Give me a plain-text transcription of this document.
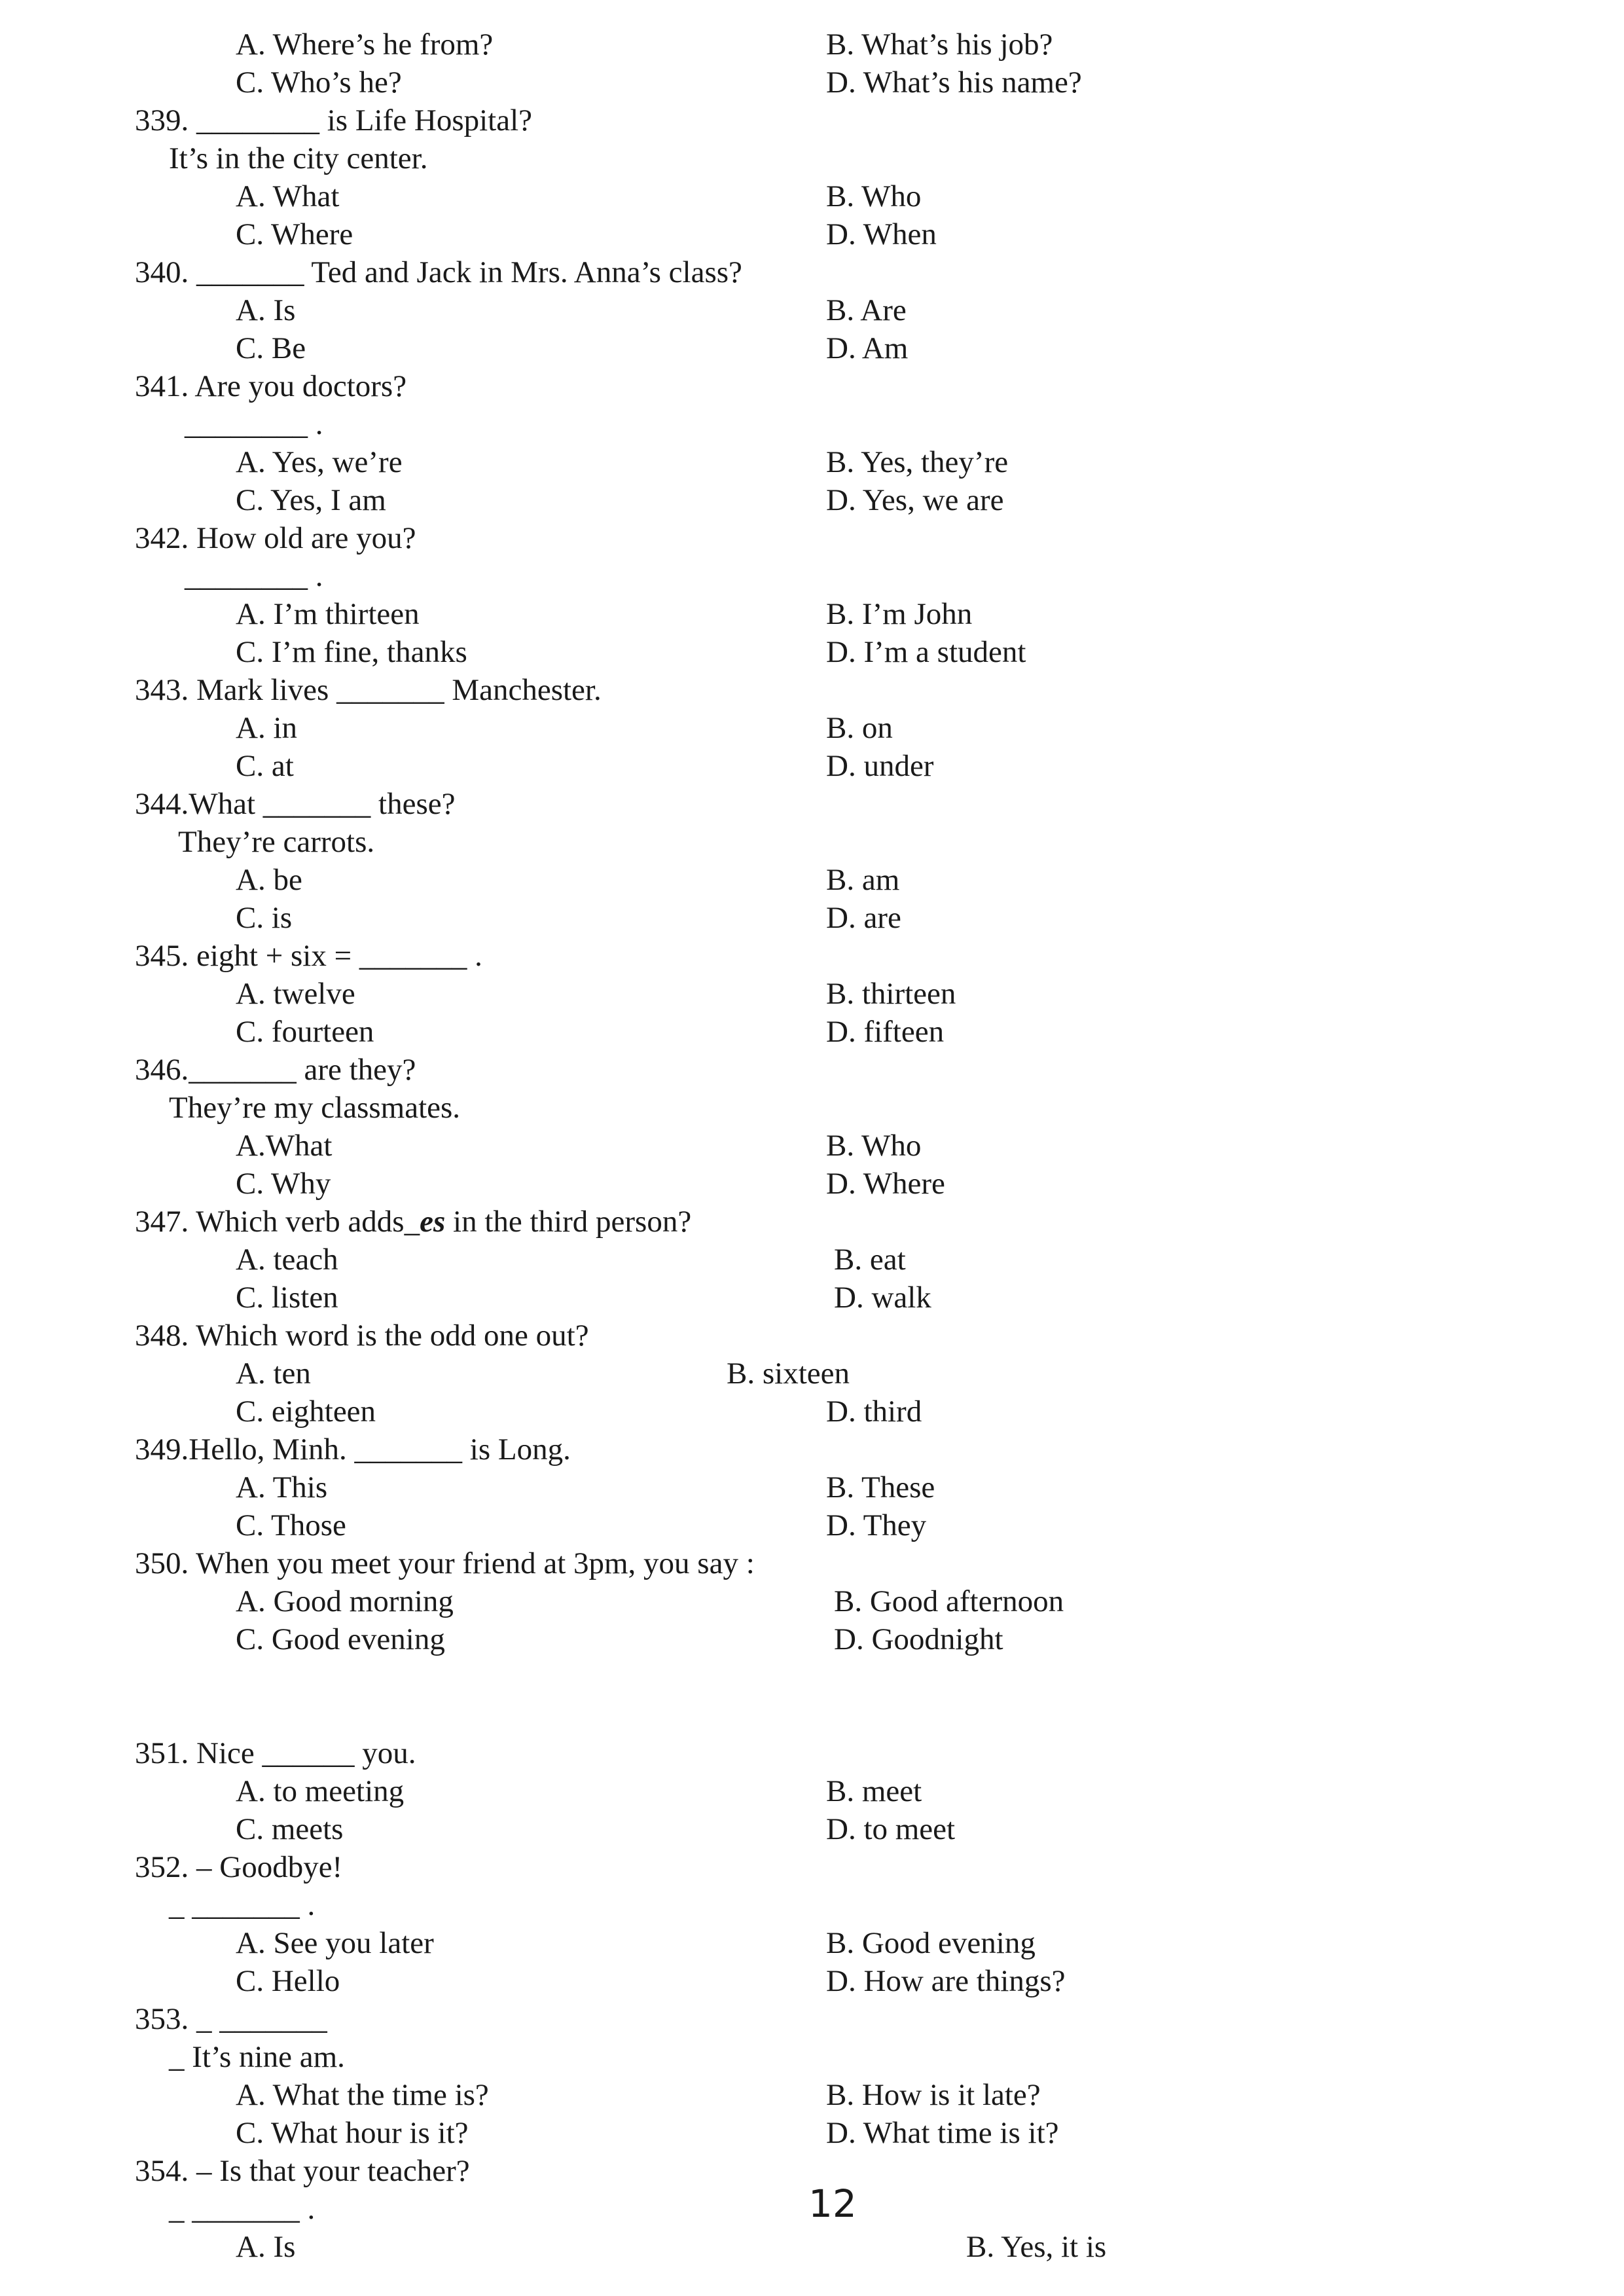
A. Where’s he from?	B. What’s his job?
C. Who’s he?	D. What’s his name?
339. ________ is Life Hospital?
It’s in the city center.
A. What	B. Who
C. Where	D. When
340. _______ Ted and Jack in Mrs. Anna’s class?
A. Is	B. Are
C. Be	D. Am
341. Are you doctors?
________ .
A. Yes, we’re	B. Yes, they’re
C. Yes, I am	D. Yes, we are
342. How old are you?
________ .
A. I’m thirteen	B. I’m John
C. I’m fine, thanks	D. I’m a student
343. Mark lives _______ Manchester.
A. in	B. on
C. at	D. under
344.What _______ these?
They’re carrots.
A. be	B. am
C. is	D. are
345. eight + six = _______ .
A. twelve	B. thirteen
C. fourteen	D. fifteen
346._______ are they?
They’re my classmates.
A.What	B. Who
C. Why	D. Where
347. Which verb adds_es in the third person?
A. teach	B. eat
C. listen	D. walk
348. Which word is the odd one out?
A. ten	B. sixteen
C. eighteen	D. third
349.Hello, Minh. _______ is Long.
A. This	B. These
C. Those	D. They
350. When you meet your friend at 3pm, you say :
A. Good morning	B. Good afternoon
C. Good evening	D. Goodnight
351. Nice ______ you.
A. to meeting	B. meet
C. meets	D. to meet
352. – Goodbye!
_ _______ .
A. See you later	B. Good evening
C. Hello	D. How are things?
353. _ _______
_ It’s nine am.
A. What the time is?	B. How is it late?
C. What hour is it?	D. What time is it?
354. – Is that your teacher?
_ _______ .
A. Is	B. Yes, it is
12
